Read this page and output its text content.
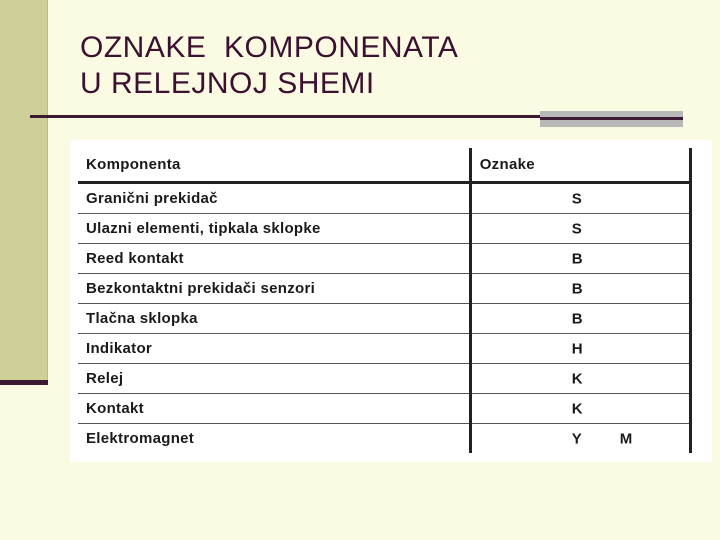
OZNAKE  KOMPONENATA
U RELEJNOJ SHEMI
Komponenta	Oznake
Granični prekidač	S

Ulazni elementi, tipkala sklopke	S

Reed kontakt	B

Bezkontaktni prekidači senzori	B

Tlačna sklopka	B

Indikator	H

Relej	K

Kontakt	K

Elektromagnet	Y M
